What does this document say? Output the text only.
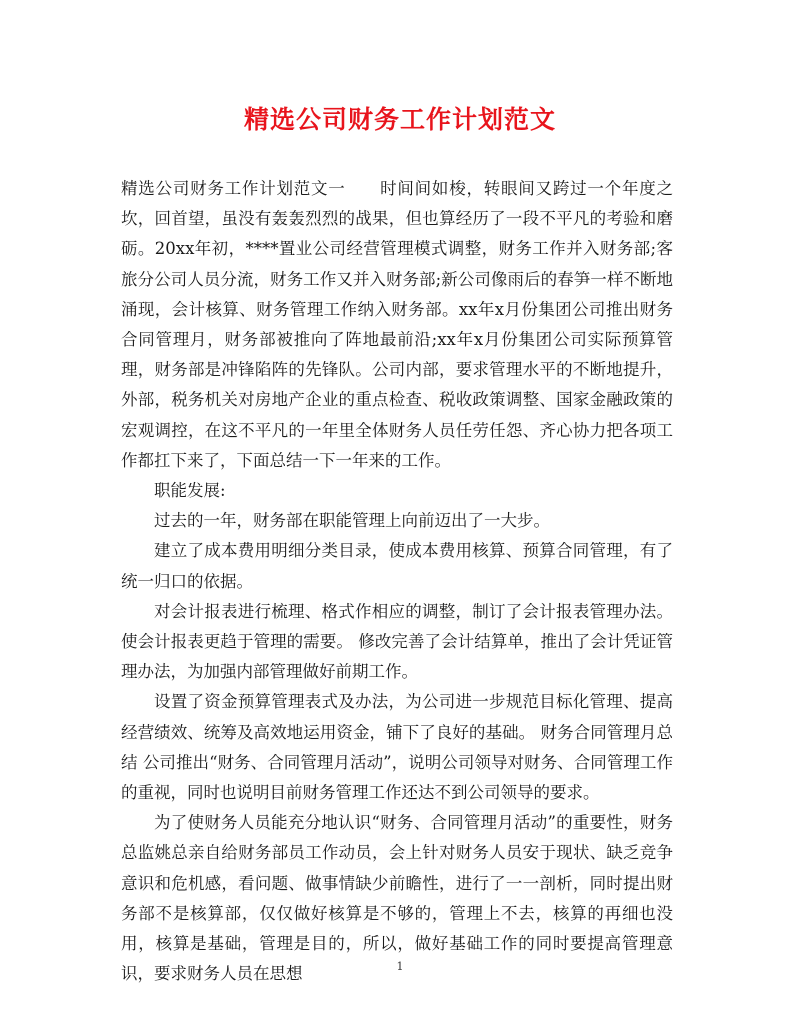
精选公司财务工作计划范文

精选公司财务工作计划范文一　　时间间如梭，转眼间又跨过一个年度之坎，回首望，虽没有轰轰烈烈的战果，但也算经历了一段不平凡的考验和磨砺。20xx年初，****置业公司经营管理模式调整，财务工作并入财务部;客旅分公司人员分流，财务工作又并入财务部;新公司像雨后的春笋一样不断地涌现，会计核算、财务管理工作纳入财务部。xx年x月份集团公司推出财务合同管理月，财务部被推向了阵地最前沿;xx年x月份集团公司实际预算管理，财务部是冲锋陷阵的先锋队。公司内部，要求管理水平的不断地提升，外部，税务机关对房地产企业的重点检查、税收政策调整、国家金融政策的宏观调控，在这不平凡的一年里全体财务人员任劳任怨、齐心协力把各项工作都扛下来了，下面总结一下一年来的工作。

职能发展:

过去的一年，财务部在职能管理上向前迈出了一大步。

建立了成本费用明细分类目录，使成本费用核算、预算合同管理，有了统一归口的依据。

对会计报表进行梳理、格式作相应的调整，制订了会计报表管理办法。使会计报表更趋于管理的需要。 修改完善了会计结算单，推出了会计凭证管理办法，为加强内部管理做好前期工作。

设置了资金预算管理表式及办法，为公司进一步规范目标化管理、提高经营绩效、统筹及高效地运用资金，铺下了良好的基础。 财务合同管理月总结 公司推出“财务、合同管理月活动”，说明公司领导对财务、合同管理工作的重视，同时也说明目前财务管理工作还达不到公司领导的要求。

为了使财务人员能充分地认识“财务、合同管理月活动”的重要性，财务总监姚总亲自给财务部员工作动员，会上针对财务人员安于现状、缺乏竞争意识和危机感，看问题、做事情缺少前瞻性，进行了一一剖析，同时提出财务部不是核算部，仅仅做好核算是不够的，管理上不去，核算的再细也没用，核算是基础，管理是目的，所以，做好基础工作的同时要提高管理意识，要求财务人员在思想	1
